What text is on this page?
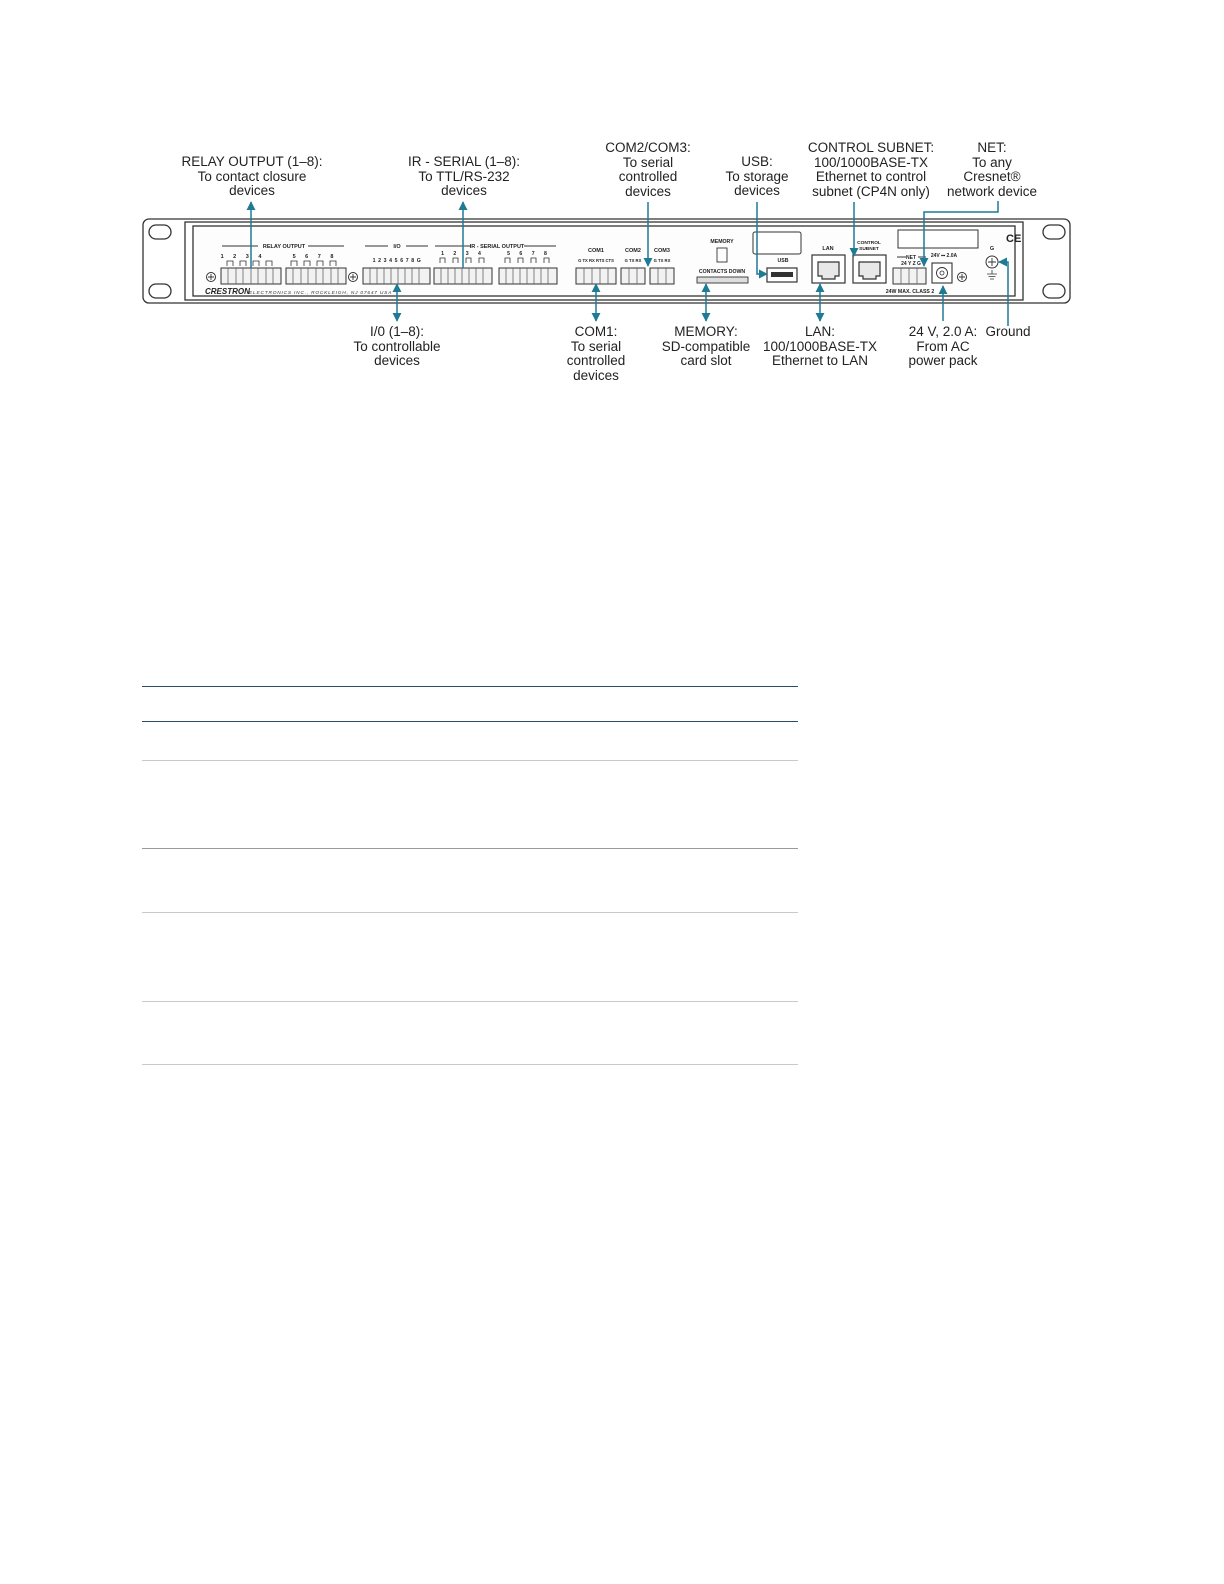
RELAY OUTPUT	I/O	IR - SERIAL OUTPUT
1 2 3 4	5 6 7 8
1 2 3 4 5 6 7 8 G
1 2 3 4	5 6 7 8	COM1	COM2 COM3
G TX RX RTS CTS	G TX RX	G TX RX
MEMORY
CONTACTS DOWN
USB
LAN
CONTROL
SUBNET
NET
24 Y Z G
24V ⎓ 2.0A
24W MAX. CLASS 2
G
CE
CRESTRON ELECTRONICS INC., ROCKLEIGH, NJ 07647 USA
RELAY OUTPUT (1–8):
To contact closure
devices
IR - SERIAL (1–8):
To TTL/RS-232
devices
COM2/COM3:
To serial
controlled
devices
USB:
To storage
devices
CONTROL SUBNET:
100/1000BASE-TX
Ethernet to control
subnet (CP4N only)
NET:
To any
Cresnet®
network device
I/0 (1–8):
To controllable
devices
COM1:
To serial
controlled
devices
MEMORY:
SD-compatible
card slot
LAN:
100/1000BASE-TX
Ethernet to LAN
24 V, 2.0 A:
From AC
power pack
Ground
